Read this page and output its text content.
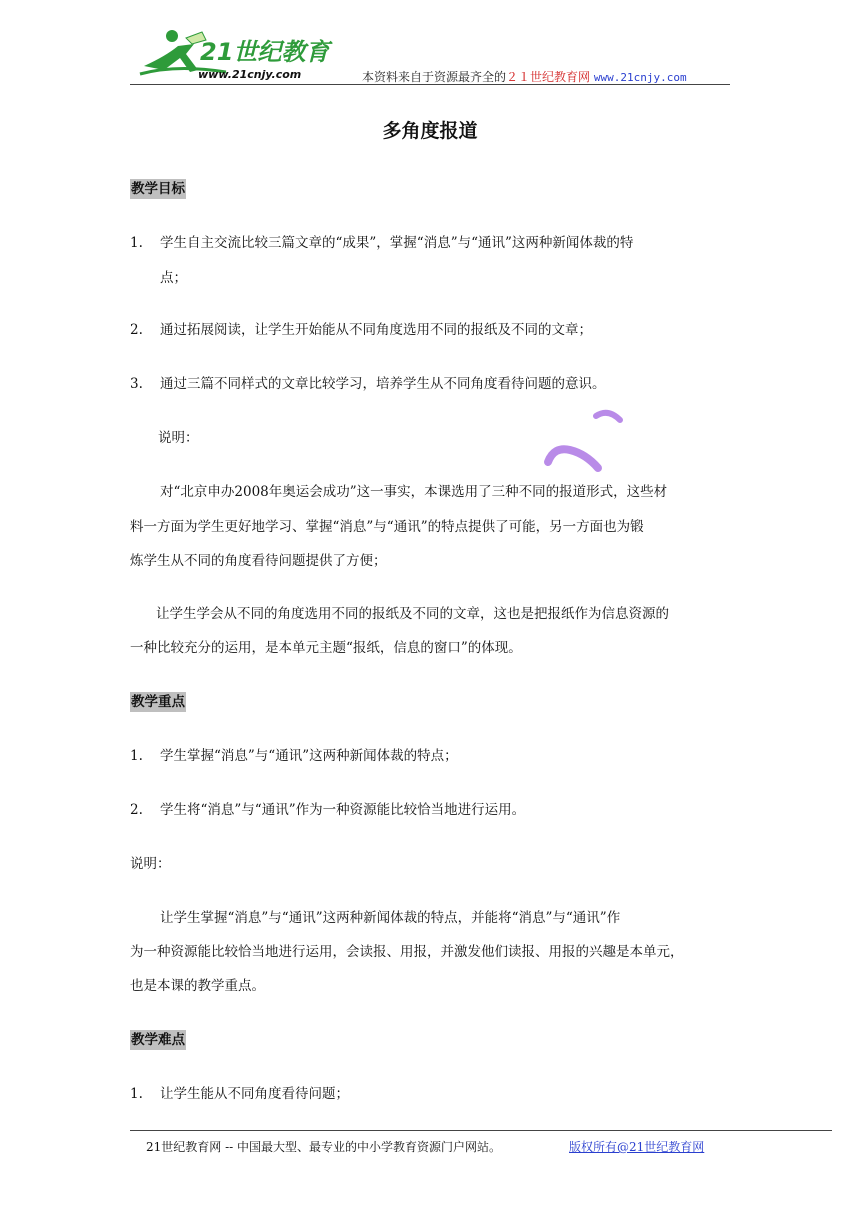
21世纪教育
www.21cnjy.com	本资料来自于资源最齐全的２１世纪教育网 www.21cnjy.com
多角度报道
教学目标
1. 学生自主交流比较三篇文章的“成果”，掌握“消息”与“通讯”这两种新闻体裁的特
点；
2. 通过拓展阅读，让学生开始能从不同角度选用不同的报纸及不同的文章；
3. 通过三篇不同样式的文章比较学习，培养学生从不同角度看待问题的意识。
说明：
对“北京申办2008年奥运会成功”这一事实，本课选用了三种不同的报道形式，这些材
料一方面为学生更好地学习、掌握“消息”与“通讯”的特点提供了可能，另一方面也为锻
炼学生从不同的角度看待问题提供了方便；
让学生学会从不同的角度选用不同的报纸及不同的文章，这也是把报纸作为信息资源的
一种比较充分的运用，是本单元主题“报纸，信息的窗口”的体现。
教学重点
1. 学生掌握“消息”与“通讯”这两种新闻体裁的特点；
2. 学生将“消息”与“通讯”作为一种资源能比较恰当地进行运用。
说明：
让学生掌握“消息”与“通讯”这两种新闻体裁的特点，并能将“消息”与“通讯”作
为一种资源能比较恰当地进行运用，会读报、用报，并激发他们读报、用报的兴趣是本单元，
也是本课的教学重点。
教学难点
1. 让学生能从不同角度看待问题；
21世纪教育网 -- 中国最大型、最专业的中小学教育资源门户网站。	版权所有@21世纪教育网
